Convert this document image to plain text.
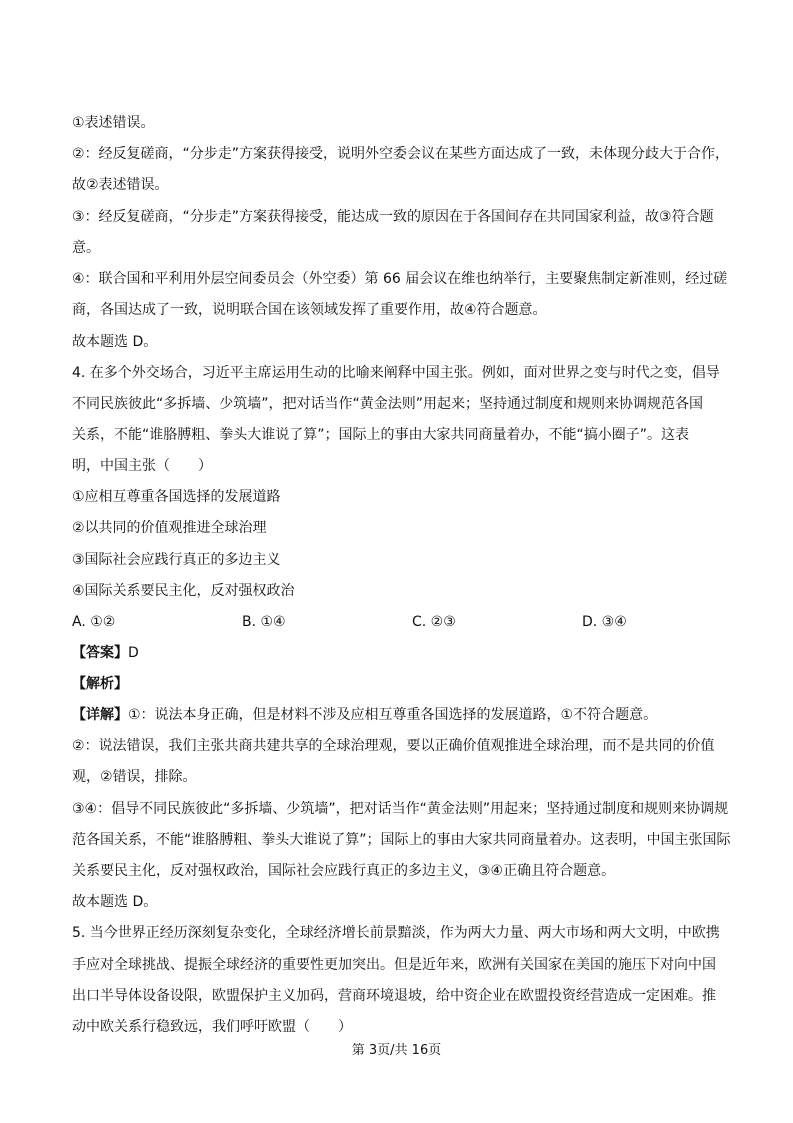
①表述错误。
②：经反复磋商，“分步走”方案获得接受，说明外空委会议在某些方面达成了一致，未体现分歧大于合作，
故②表述错误。
③：经反复磋商，“分步走”方案获得接受，能达成一致的原因在于各国间存在共同国家利益，故③符合题
意。
④：联合国和平利用外层空间委员会（外空委）第 66 届会议在维也纳举行，主要聚焦制定新准则，经过磋
商，各国达成了一致，说明联合国在该领域发挥了重要作用，故④符合题意。
故本题选 D。
4. 在多个外交场合，习近平主席运用生动的比喻来阐释中国主张。例如，面对世界之变与时代之变，倡导
不同民族彼此“多拆墙、少筑墙”，把对话当作“黄金法则”用起来；坚持通过制度和规则来协调规范各国
关系，不能“谁胳膊粗、拳头大谁说了算”；国际上的事由大家共同商量着办，不能“搞小圈子”。这表
明，中国主张（　　）
①应相互尊重各国选择的发展道路
②以共同的价值观推进全球治理
③国际社会应践行真正的多边主义
④国际关系要民主化，反对强权政治
A. ①②	B. ①④	C. ②③	D. ③④
【答案】D
【解析】
【详解】①：说法本身正确，但是材料不涉及应相互尊重各国选择的发展道路，①不符合题意。
②：说法错误，我们主张共商共建共享的全球治理观，要以正确价值观推进全球治理，而不是共同的价值
观，②错误，排除。
③④：倡导不同民族彼此“多拆墙、少筑墙”，把对话当作“黄金法则”用起来；坚持通过制度和规则来协调规
范各国关系，不能“谁胳膊粗、拳头大谁说了算”；国际上的事由大家共同商量着办。这表明，中国主张国际
关系要民主化，反对强权政治，国际社会应践行真正的多边主义，③④正确且符合题意。
故本题选 D。
5. 当今世界正经历深刻复杂变化，全球经济增长前景黯淡，作为两大力量、两大市场和两大文明，中欧携
手应对全球挑战、提振全球经济的重要性更加突出。但是近年来，欧洲有关国家在美国的施压下对向中国
出口半导体设备设限，欧盟保护主义加码，营商环境退坡，给中资企业在欧盟投资经营造成一定困难。推
动中欧关系行稳致远，我们呼吁欧盟（　　）
第 3页/共 16页
